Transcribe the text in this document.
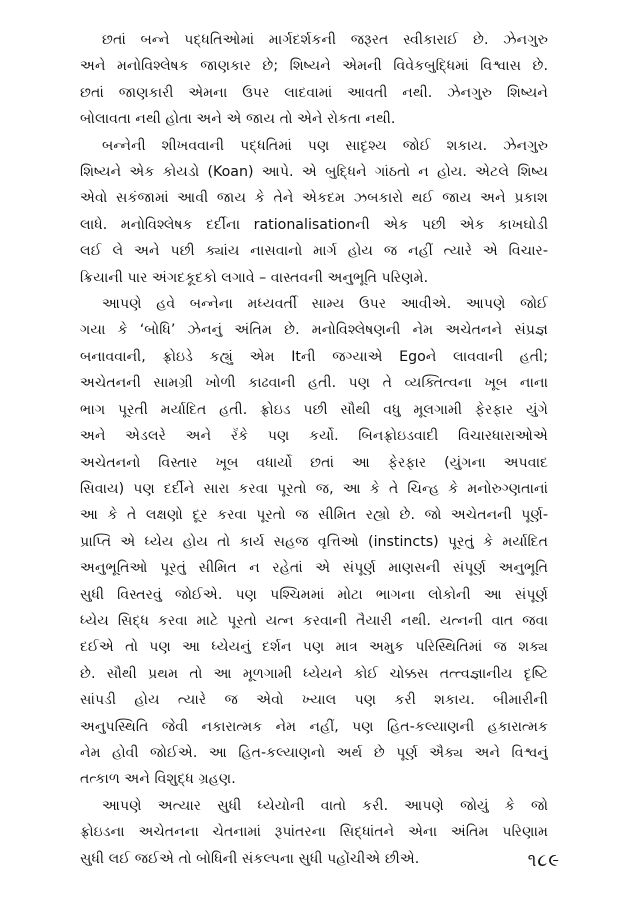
છતાં બન્ને પદ્ધતિઓમાં માર્ગદર્શકની જરૂરત સ્વીકારાઈ છે. ઝેનગુરુ
અને મનોવિશ્લેષક જાણકાર છે; શિષ્યને એમની વિવેકબુદ્ધિમાં વિશ્વાસ છે.
છતાં જાણકારી એમના ઉપર લાદવામાં આવતી નથી. ઝેનગુરુ શિષ્યને
બોલાવતા નથી હોતા અને એ જાય તો એને રોકતા નથી.
બન્નેની શીખવવાની પદ્ધતિમાં પણ સાદૃશ્ય જોઈ શકાય. ઝેનગુરુ
શિષ્યને એક કોયડો (Koan) આપે. એ બુદ્ધિને ગાંઠતો ન હોય. એટલે શિષ્ય
એવો સકંજામાં આવી જાય કે તેને એકદમ ઝબકારો થઈ જાય અને પ્રકાશ
લાધે. મનોવિશ્લેષક દર્દીના rationalisationની એક પછી એક કાખઘોડી
લઈ લે અને પછી ક્યાંય નાસવાનો માર્ગ હોય જ નહીં ત્યારે એ વિચાર-
ક્રિયાની પાર અંગદકૂદકો લગાવે – વાસ્તવની અનુભૂતિ પરિણમે.
આપણે હવે બન્નેના મધ્યવર્તી સામ્ય ઉપર આવીએ. આપણે જોઈ
ગયા કે ‘બોધિ’ ઝેનનું અંતિમ છે. મનોવિશ્લેષણની નેમ અચેતનને સંપ્રજ્ઞ
બનાવવાની, ફ્રોઇડે કહ્યું એમ Itની જગ્યાએ Egoને લાવવાની હતી;
અચેતનની સામગ્રી ખોળી કાઢવાની હતી. પણ તે વ્યક્તિત્વના ખૂબ નાના
ભાગ પૂરતી મર્યાદિત હતી. ફ્રોઇડ પછી સૌથી વધુ મૂલગામી ફેરફાર યુંગે
અને એડલરે અને રૅંકે પણ કર્યો. બિનફ્રોઇડવાદી વિચારધારાઓએ
અચેતનનો વિસ્તાર ખૂબ વધાર્યો છતાં આ ફેરફાર (યુંગના અપવાદ
સિવાય) પણ દર્દીને સારા કરવા પૂરતો જ, આ કે તે ચિન્હ કે મનોરુગ્ણતાનાં
આ કે તે લક્ષણો દૂર કરવા પૂરતો જ સીમિત રહ્યો છે. જો અચેતનની પૂર્ણ-
પ્રાપ્તિ એ ધ્યેય હોય તો કાર્ય સહજ વૃત્તિઓ (instincts) પૂરતું કે મર્યાદિત
અનુભૂતિઓ પૂરતું સીમિત ન રહેતાં એ સંપૂર્ણ માણસની સંપૂર્ણ અનુભૂતિ
સુધી વિસ્તરવું જોઈએ. પણ પશ્ચિમમાં મોટા ભાગના લોકોની આ સંપૂર્ણ
ધ્યેય સિદ્ધ કરવા માટે પૂરતો યત્ન કરવાની તૈયારી નથી. યત્નની વાત જવા
દઈએ તો પણ આ ધ્યેયનું દર્શન પણ માત્ર અમુક પરિસ્થિતિમાં જ શક્ય
છે. સૌથી પ્રથમ તો આ મૂળગામી ધ્યેયને કોઈ ચોક્કસ તત્ત્વજ્ઞાનીય દૃષ્ટિ
સાંપડી હોય ત્યારે જ એવો ખ્યાલ પણ કરી શકાય. બીમારીની
અનુપસ્થિતિ જેવી નકારાત્મક નેમ નહીં, પણ હિત-કલ્યાણની હકારાત્મક
નેમ હોવી જોઈએ. આ હિત-કલ્યાણનો અર્થ છે પૂર્ણ ઐક્ય અને વિશ્વનું
તત્કાળ અને વિશુદ્ધ ગ્રહણ.
આપણે અત્યાર સુધી ધ્યેયોની વાતો કરી. આપણે જોયું કે જો
ફ્રોઇડના અચેતનના ચેતનામાં રૂપાંતરના સિદ્ધાંતને એના અંતિમ પરિણામ
સુધી લઈ જઈએ તો બોધિની સંકલ્પના સુધી પહોંચીએ છીએ.	૧૮૯
